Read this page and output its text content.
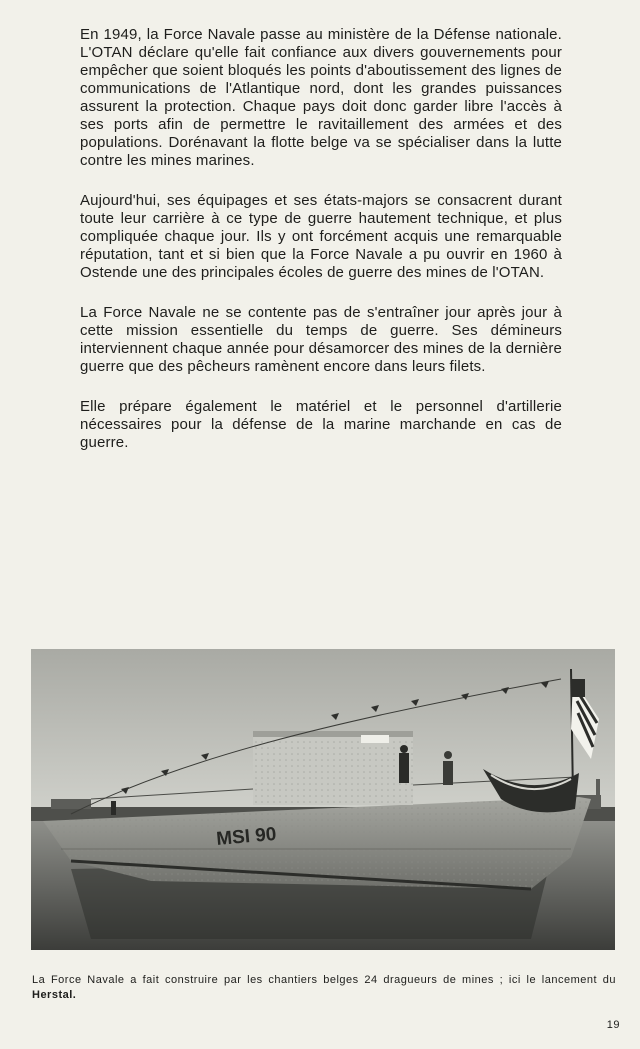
En 1949, la Force Navale passe au ministère de la Défense nationale. L'OTAN déclare qu'elle fait confiance aux divers gouvernements pour empêcher que soient bloqués les points d'aboutissement des lignes de communications de l'Atlantique nord, dont les grandes puissances assurent la protection. Chaque pays doit donc garder libre l'accès à ses ports afin de permettre le ravitaillement des armées et des populations. Dorénavant la flotte belge va se spécialiser dans la lutte contre les mines marines.

Aujourd'hui, ses équipages et ses états-majors se consacrent durant toute leur carrière à ce type de guerre hautement technique, et plus compliquée chaque jour. Ils y ont forcément acquis une remarquable réputation, tant et si bien que la Force Navale a pu ouvrir en 1960 à Ostende une des principales écoles de guerre des mines de l'OTAN.

La Force Navale ne se contente pas de s'entraîner jour après jour à cette mission essentielle du temps de guerre. Ses démineurs interviennent chaque année pour désamorcer des mines de la dernière guerre que des pêcheurs ramènent encore dans leurs filets.

Elle prépare également le matériel et le personnel d'artillerie nécessaires pour la défense de la marine marchande en cas de guerre.

MSI 90
La Force Navale a fait construire par les chantiers belges 24 dragueurs de mines ; ici le lancement du Herstal.
19
